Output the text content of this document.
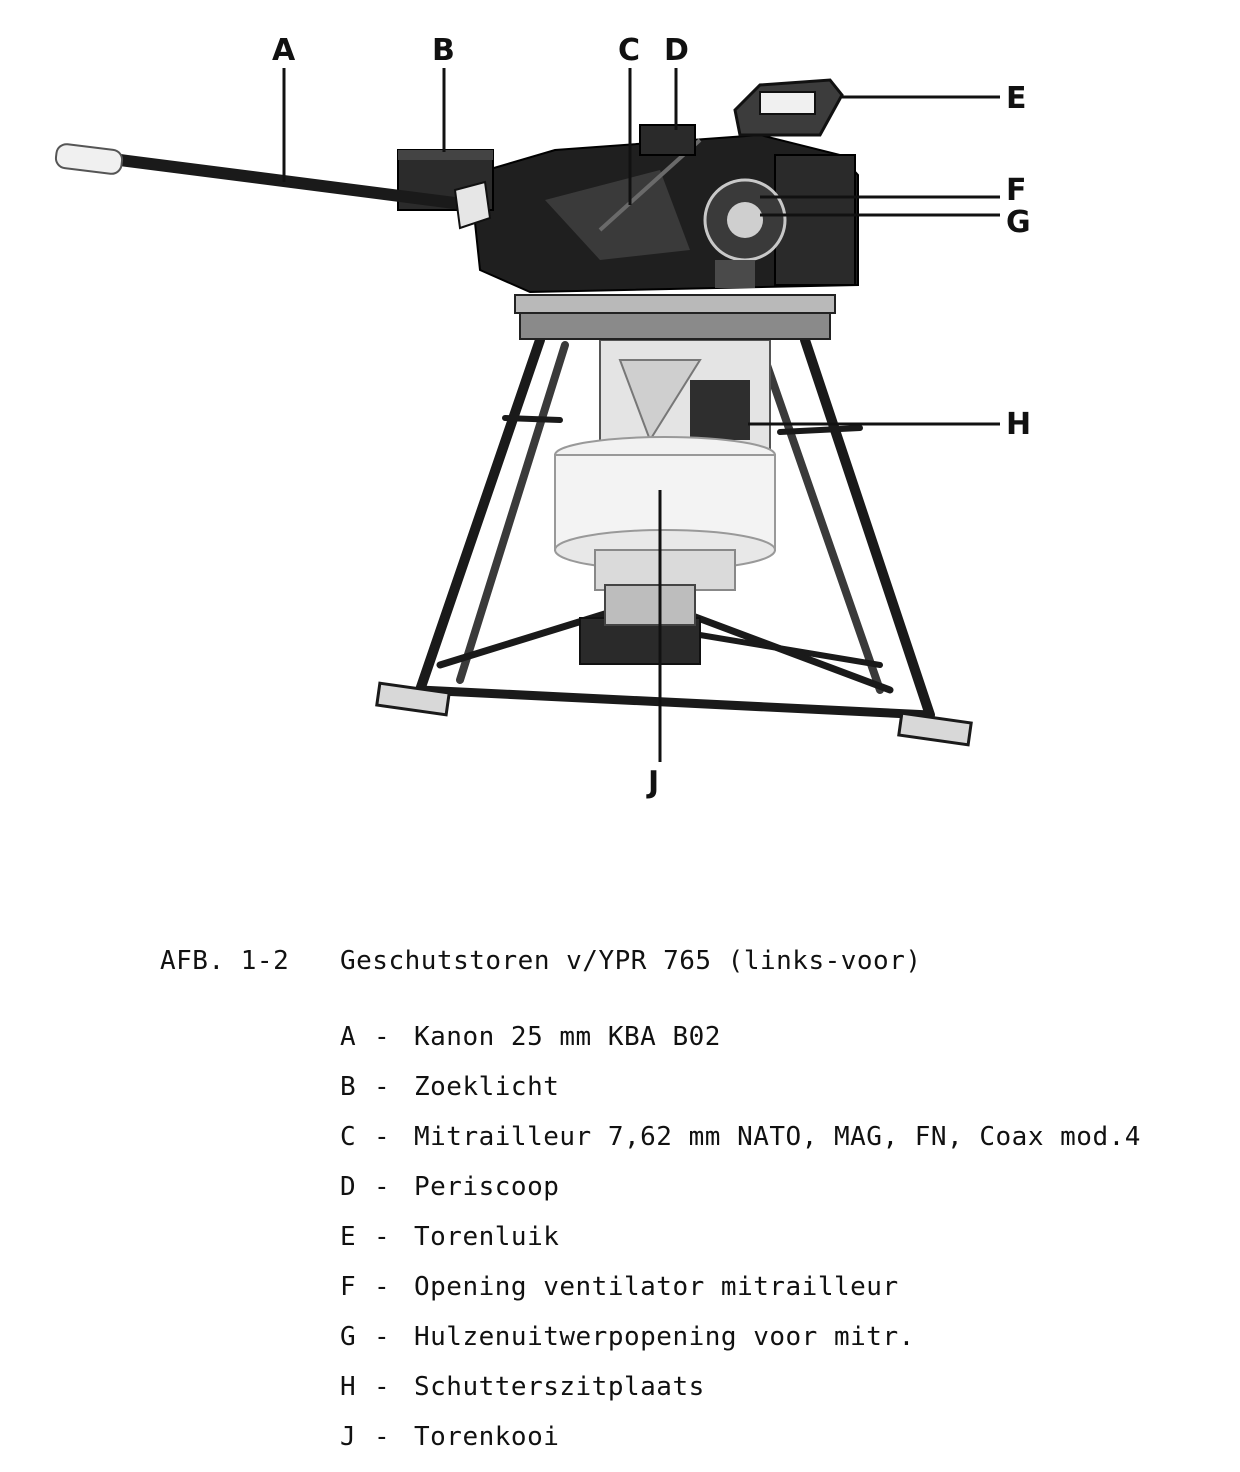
A	B	C D
E
F
G
H
J
AFB. 1-2 Geschutstoren v/YPR 765 (links-voor)
A - Kanon 25 mm KBA B02
B - Zoeklicht
C - Mitrailleur 7,62 mm NATO, MAG, FN, Coax mod.4
D - Periscoop
E - Torenluik
F - Opening ventilator mitrailleur
G - Hulzenuitwerpopening voor mitr.
H - Schutterszitplaats
J - Torenkooi
